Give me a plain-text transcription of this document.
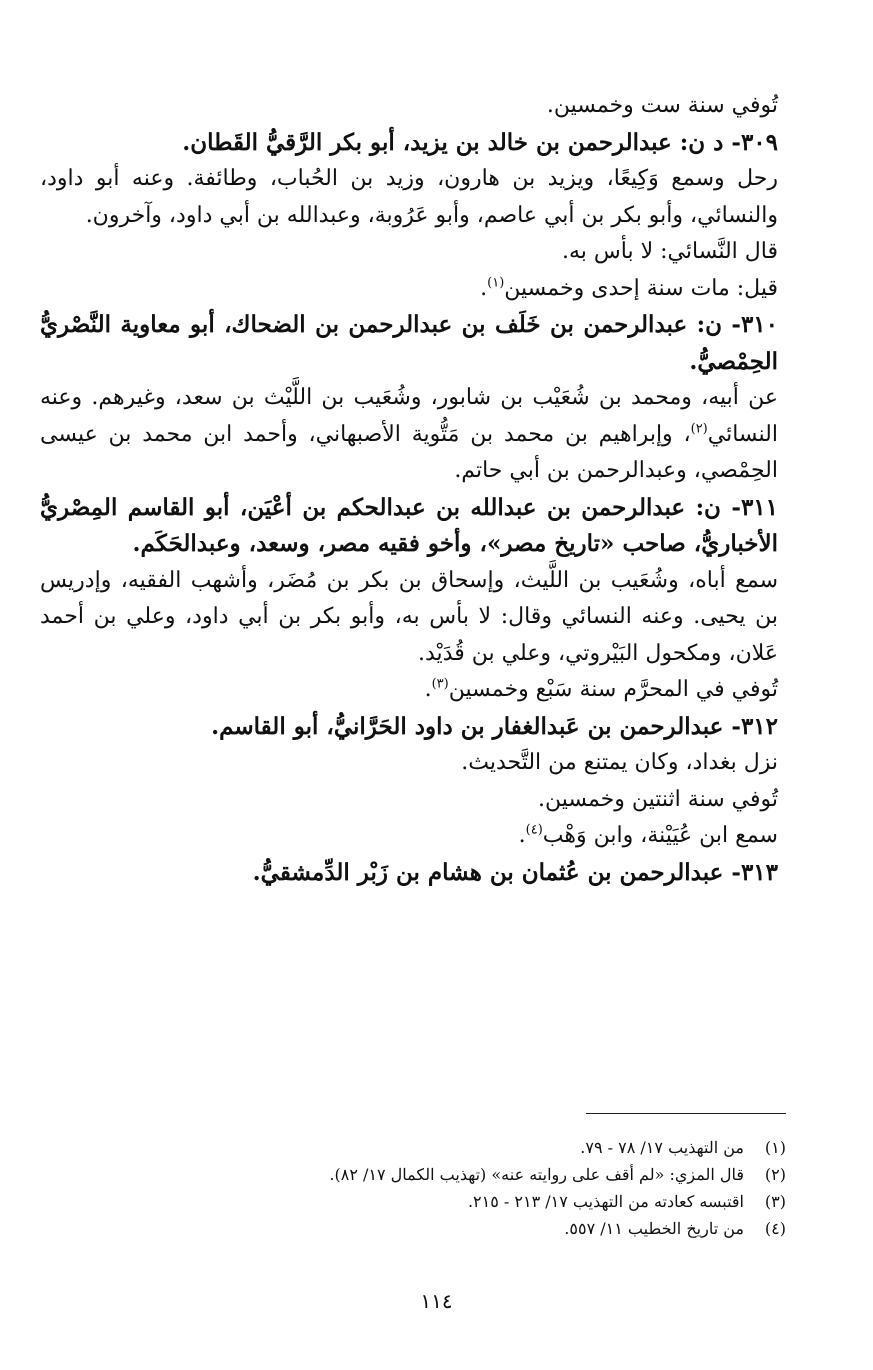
تُوفي سنة ست وخمسين.

٣٠٩- د ن: عبدالرحمن بن خالد بن يزيد، أبو بكر الرَّقيُّ القَطان.

رحل وسمع وَكِيعًا، ويزيد بن هارون، وزيد بن الحُباب، وطائفة. وعنه أبو داود، والنسائي، وأبو بكر بن أبي عاصم، وأبو عَرُوبة، وعبدالله بن أبي داود، وآخرون.

قال النَّسائي: لا بأس به.

قيل: مات سنة إحدى وخمسين$^{(١)}$.

٣١٠- ن: عبدالرحمن بن خَلَف بن عبدالرحمن بن الضحاك، أبو معاوية النَّصْريُّ الحِمْصيُّ.

عن أبيه، ومحمد بن شُعَيْب بن شابور، وشُعَيب بن اللَّيْث بن سعد، وغيرهم. وعنه النسائي$^{(٢)}$، وإبراهيم بن محمد بن مَتُّوية الأصبهاني، وأحمد ابن محمد بن عيسى الحِمْصي، وعبدالرحمن بن أبي حاتم.

٣١١- ن: عبدالرحمن بن عبدالله بن عبدالحكم بن أعْيَن، أبو القاسم المِصْريُّ الأخباريُّ، صاحب «تاريخ مصر»، وأخو فقيه مصر، وسعد، وعبدالحَكَم.

سمع أباه، وشُعَيب بن اللَّيث، وإسحاق بن بكر بن مُضَر، وأشهب الفقيه، وإدريس بن يحيى. وعنه النسائي وقال: لا بأس به، وأبو بكر بن أبي داود، وعلي بن أحمد عَلان، ومكحول البَيْروتي، وعلي بن قُدَيْد.

تُوفي في المحرَّم سنة سَبْع وخمسين$^{(٣)}$.

٣١٢- عبدالرحمن بن عَبدالغفار بن داود الحَرَّانيُّ، أبو القاسم.

نزل بغداد، وكان يمتنع من التَّحديث.

تُوفي سنة اثنتين وخمسين.

سمع ابن عُيَيْنة، وابن وَهْب$^{(٤)}$.

٣١٣- عبدالرحمن بن عُثمان بن هشام بن زَبْر الدِّمشقيُّ.

(١)من التهذيب ١٧/ ٧٨ - ٧٩.

(٢)قال المزي: «لم أقف على روايته عنه» (تهذيب الكمال ١٧/ ٨٢).

(٣)اقتبسه كعادته من التهذيب ١٧/ ٢١٣ - ٢١٥.

(٤)من تاريخ الخطيب ١١/ ٥٥٧.

١١٤
